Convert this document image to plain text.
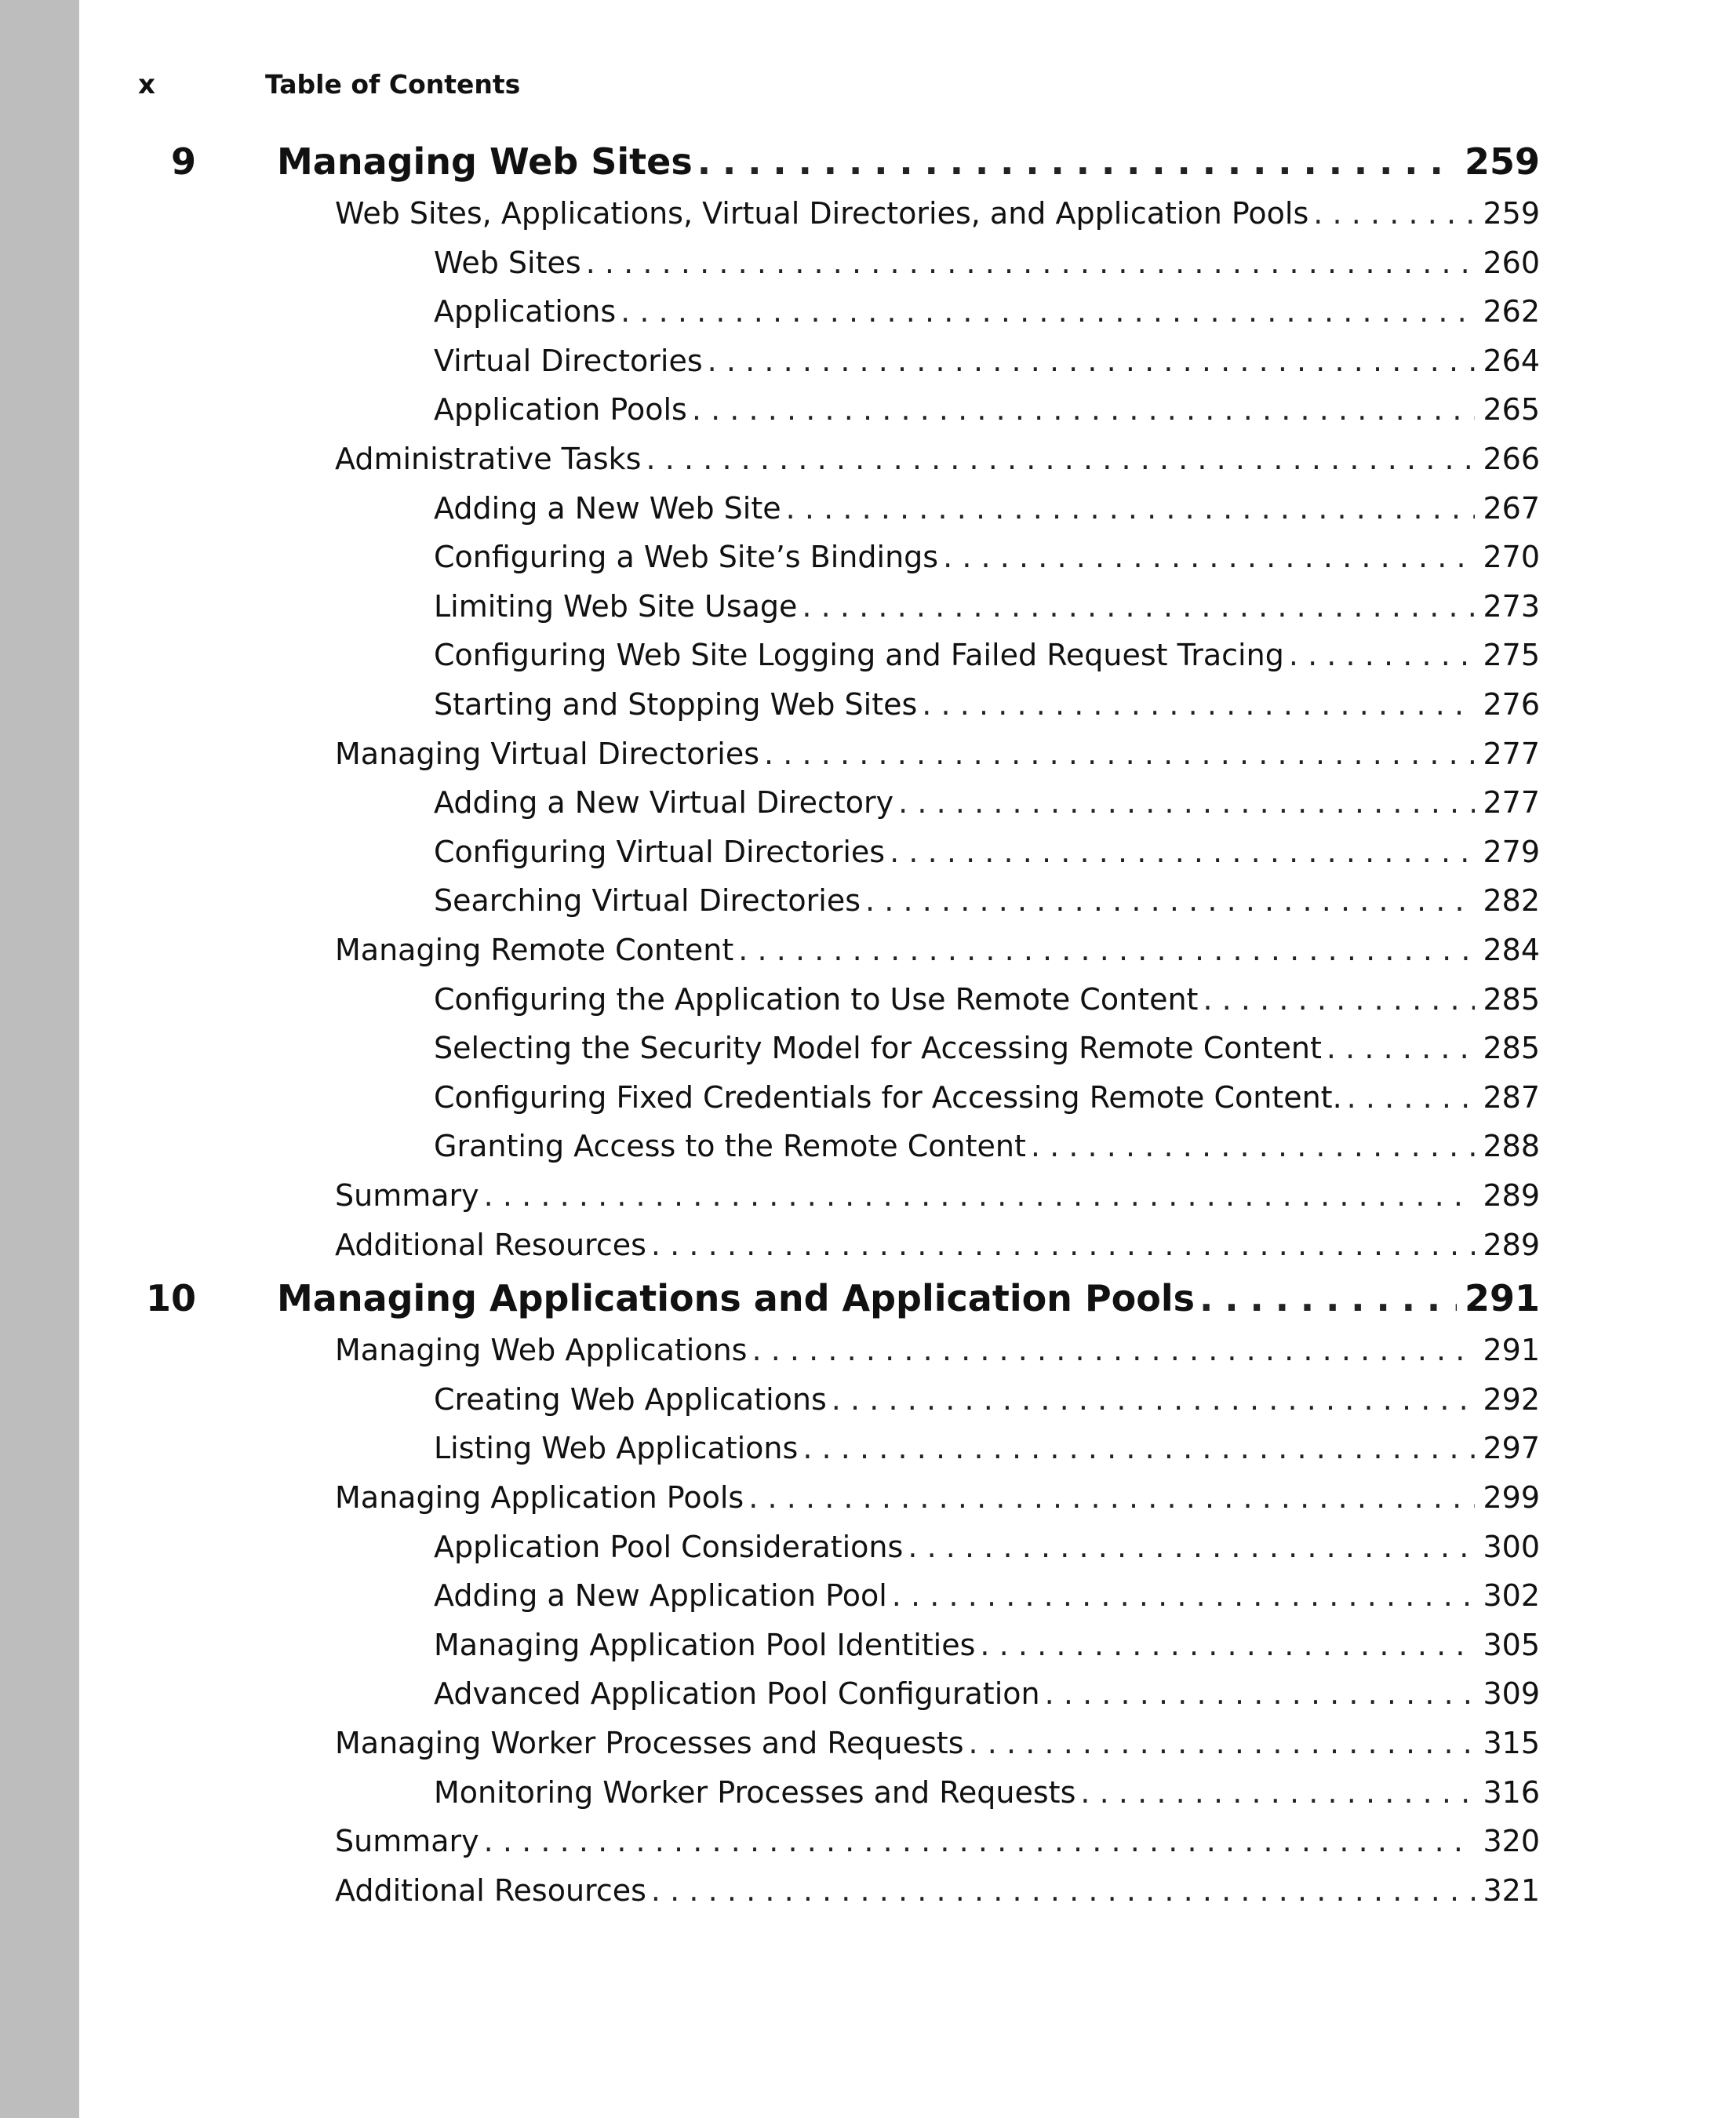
x	Table of Contents
9 Managing Web Sites .....	259
Web Sites, Applications, Virtual Directories, and Application Pools .....	259
Web Sites .....	260
Applications .....	262
Virtual Directories .....	264
Application Pools .....	265
Administrative Tasks .....	266
Adding a New Web Site .....	267
Configuring a Web Site’s Bindings .....	270
Limiting Web Site Usage .....	273
Configuring Web Site Logging and Failed Request Tracing .....	275
Starting and Stopping Web Sites .....	276
Managing Virtual Directories .....	277
Adding a New Virtual Directory .....	277
Configuring Virtual Directories .....	279
Searching Virtual Directories .....	282
Managing Remote Content .....	284
Configuring the Application to Use Remote Content .....	285
Selecting the Security Model for Accessing Remote Content .....	285
Configuring Fixed Credentials for Accessing Remote Content. .....	287
Granting Access to the Remote Content .....	288
Summary .....	289
Additional Resources .....	289
10 Managing Applications and Application Pools .....	291
Managing Web Applications .....	291
Creating Web Applications .....	292
Listing Web Applications .....	297
Managing Application Pools .....	299
Application Pool Considerations .....	300
Adding a New Application Pool .....	302
Managing Application Pool Identities .....	305
Advanced Application Pool Configuration .....	309
Managing Worker Processes and Requests .....	315
Monitoring Worker Processes and Requests .....	316
Summary .....	320
Additional Resources .....	321
